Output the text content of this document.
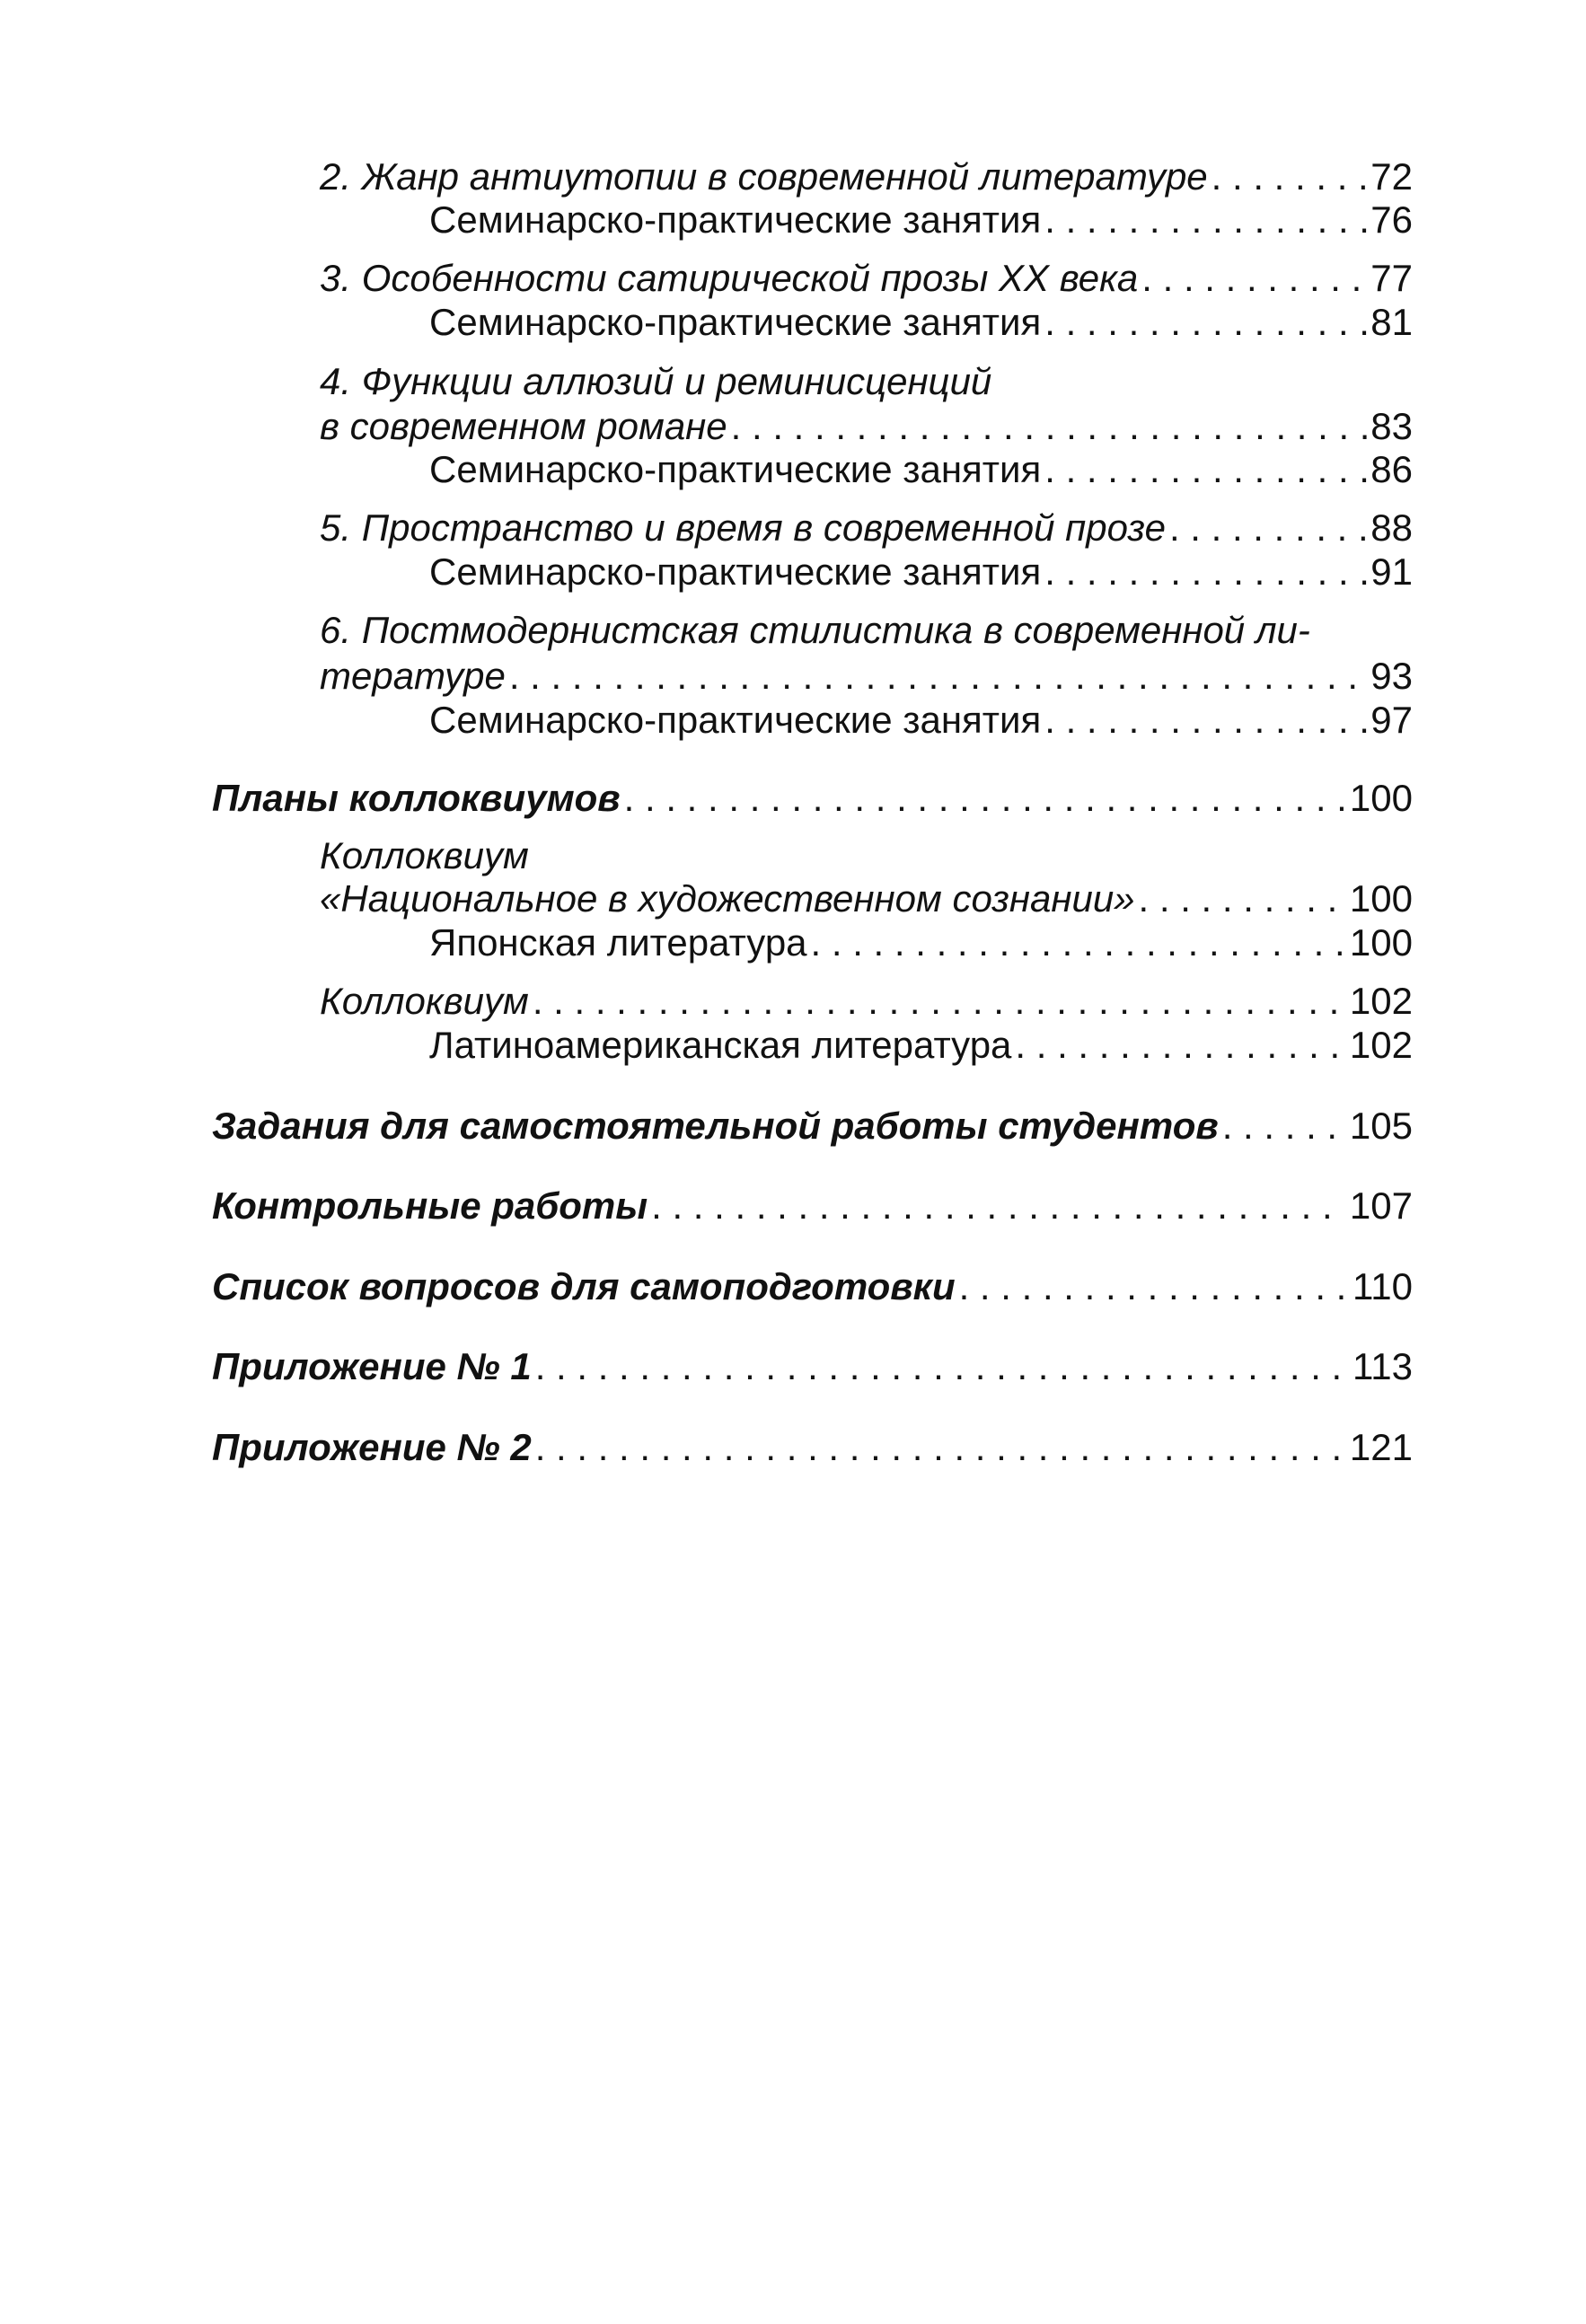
2. Жанр антиутопии в современной литературе . . .	72
Семинарско-практические занятия . . .	76
3. Особенности сатирической прозы XX века . . .	77
Семинарско-практические занятия . . .	81
4. Функции аллюзий и реминисценций
в современном романе . . .	83
Семинарско-практические занятия . . .	86
5. Пространство и время в современной прозе . . .	88
Семинарско-практические занятия . . .	91
6. Постмодернистская стилистика в современной ли-
тературе . . .	93
Семинарско-практические занятия . . .	97
Планы коллоквиумов . . .	100
Коллоквиум
«Национальное в художественном сознании» . . .	100
Японская литература . . .	100
Коллоквиум . . .	102
Латиноамериканская литература . . .	102
Задания для самостоятельной работы студентов . . .	105
Контрольные работы . . .	107
Список вопросов для самоподготовки . . .	110
Приложение № 1 . . .	113
Приложение № 2 . . .	121
